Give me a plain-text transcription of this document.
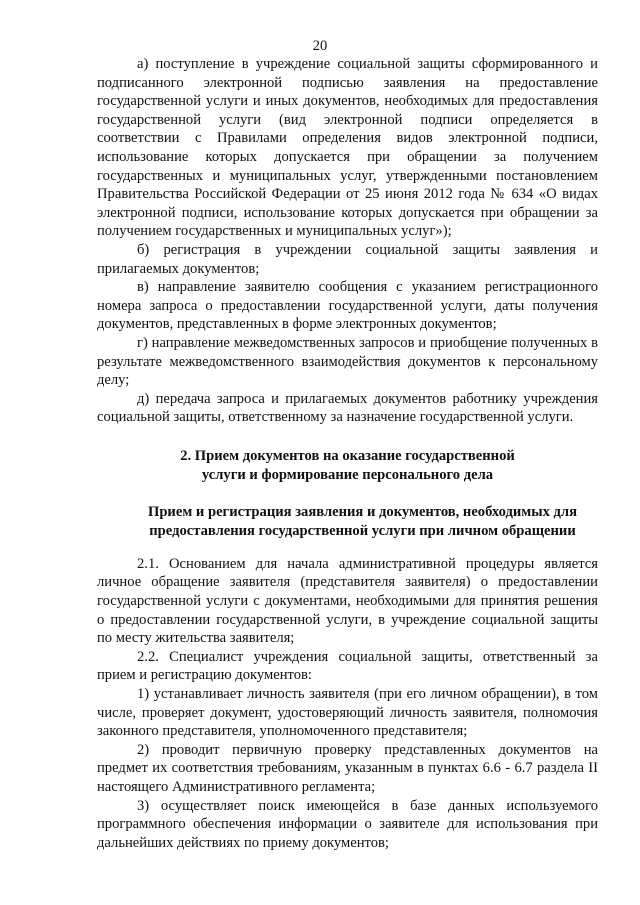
20

а) поступление в учреждение социальной защиты сформированного и подписанного электронной подписью заявления на предоставление государственной услуги и иных документов, необходимых для предоставления государственной услуги (вид электронной подписи определяется в соответствии с Правилами определения видов электронной подписи, использование которых допускается при обращении за получением государственных и муниципальных услуг, утвержденными постановлением Правительства Российской Федерации от 25 июня 2012 года № 634 «О видах электронной подписи, использование которых допускается при обращении за получением государственных и муниципальных услуг»);

б) регистрация в учреждении социальной защиты заявления и прилагаемых документов;

в) направление заявителю сообщения с указанием регистрационного номера запроса о предоставлении государственной услуги, даты получения документов, представленных в форме электронных документов;

г) направление межведомственных запросов и приобщение полученных в результате межведомственного взаимодействия документов к персональному делу;

д) передача запроса и прилагаемых документов работнику учреждения социальной защиты, ответственному за назначение государственной услуги.

2. Прием документов на оказание государственной услуги и формирование персонального дела

Прием и регистрация заявления и документов, необходимых для предоставления государственной услуги при личном обращении

2.1. Основанием для начала административной процедуры является личное обращение заявителя (представителя заявителя) о предоставлении государственной услуги с документами, необходимыми для принятия решения о предоставлении государственной услуги, в учреждение социальной защиты по месту жительства заявителя;

2.2. Специалист учреждения социальной защиты, ответственный за прием и регистрацию документов:

1) устанавливает личность заявителя (при его личном обращении), в том числе, проверяет документ, удостоверяющий личность заявителя, полномочия законного представителя, уполномоченного представителя;

2) проводит первичную проверку представленных документов на предмет их соответствия требованиям, указанным в пунктах 6.6 - 6.7 раздела II настоящего Административного регламента;

3) осуществляет поиск имеющейся в базе данных используемого программного обеспечения информации о заявителе для использования при дальнейших действиях по приему документов;
